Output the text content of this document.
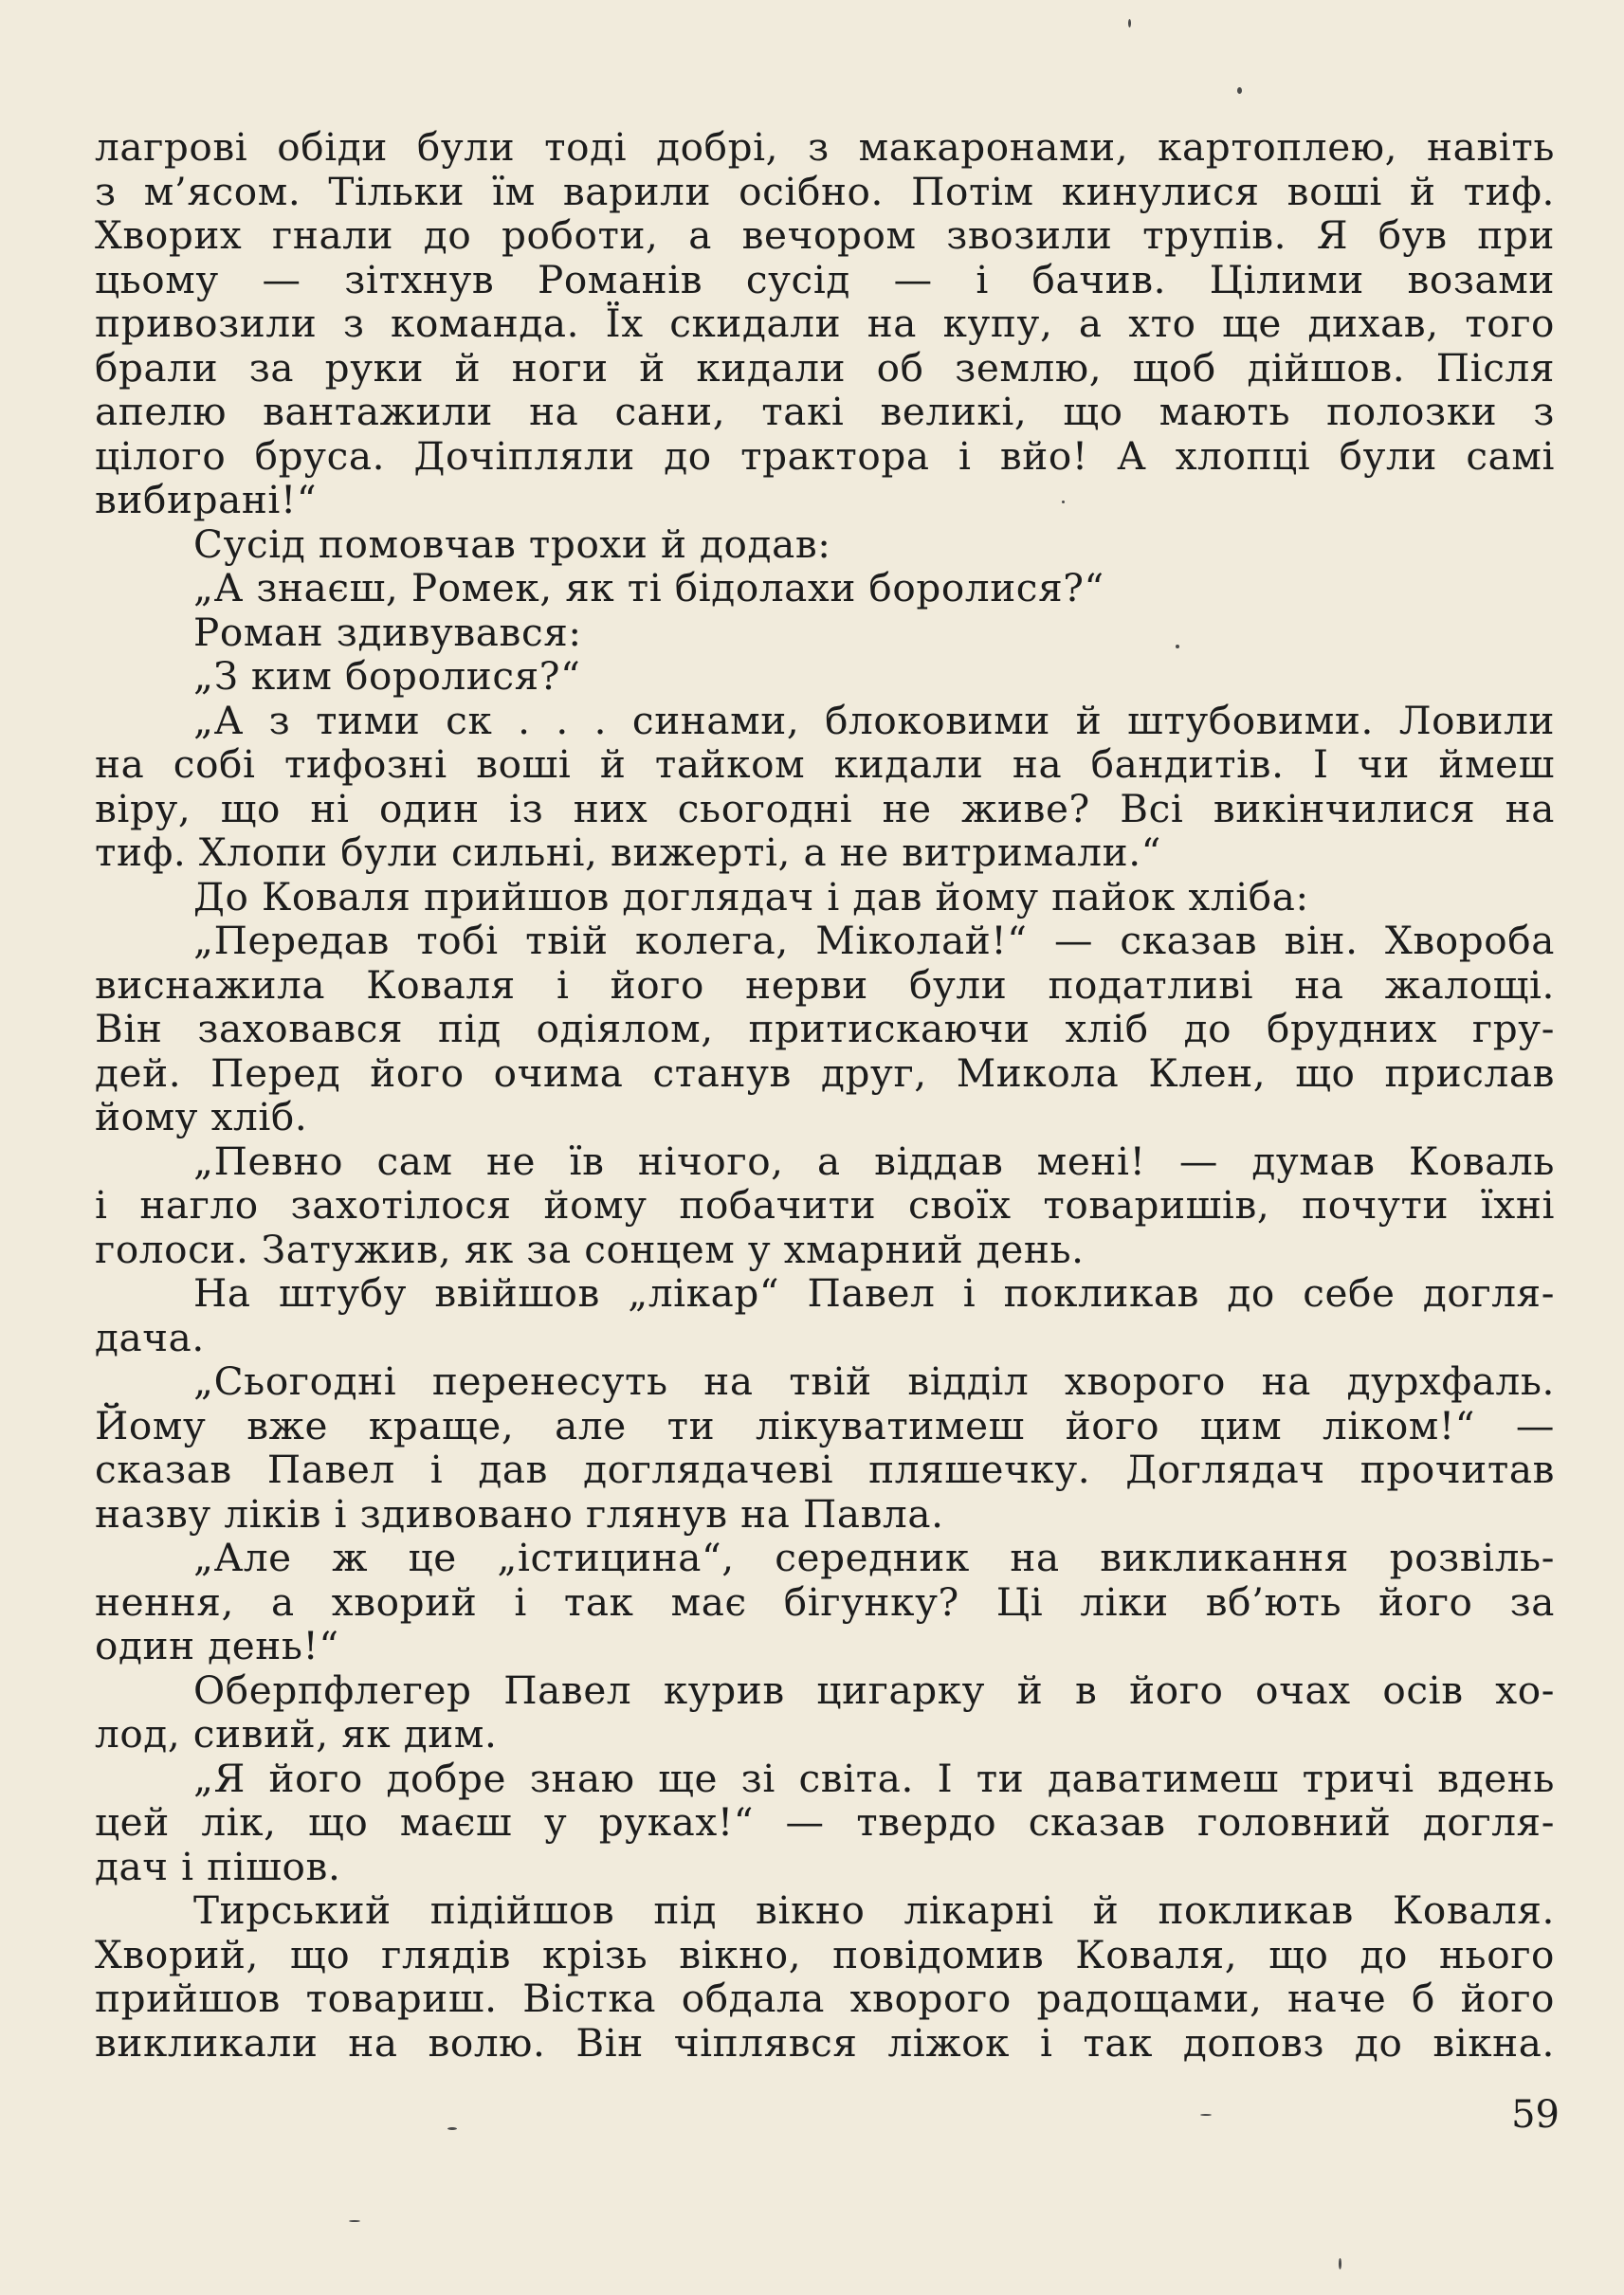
лагрові обіди були тоді добрі, з макаронами, картоплею, навіть
з м’ясом. Тільки їм варили осібно. Потім кинулися воші й тиф.
Хворих гнали до роботи, а вечором звозили трупів. Я був при
цьому — зітхнув Романів сусід — і бачив. Цілими возами
привозили з команда. Їх скидали на купу, а хто ще дихав, того
брали за руки й ноги й кидали об землю, щоб дійшов. Після
апелю вантажили на сани, такі великі, що мають полозки з
цілого бруса. Дочіпляли до трактора і вйо! А хлопці були самі
вибирані!“
Сусід помовчав трохи й додав:
„А знаєш, Ромек, як ті бідолахи боролися?“
Роман здивувався:
„З ким боролися?“
„А з тими ск . . . синами, блоковими й штубовими. Ловили
на собі тифозні воші й тайком кидали на бандитів. І чи ймеш
віру, що ні один із них сьогодні не живе? Всі викінчилися на
тиф. Хлопи були сильні, вижерті, а не витримали.“
До Коваля прийшов доглядач і дав йому пайок хліба:
„Передав тобі твій колега, Міколай!“ — сказав він. Хвороба
виснажила Коваля і його нерви були податливі на жалощі.
Він заховався під одіялом, притискаючи хліб до брудних гру-
дей. Перед його очима станув друг, Микола Клен, що прислав
йому хліб.
„Певно сам не їв нічого, а віддав мені! — думав Коваль
і нагло захотілося йому побачити своїх товаришів, почути їхні
голоси. Затужив, як за сонцем у хмарний день.
На штубу ввійшов „лікар“ Павел і покликав до себе догля-
дача.
„Сьогодні перенесуть на твій відділ хворого на дурхфаль.
Йому вже краще, але ти лікуватимеш його цим ліком!“ —
сказав Павел і дав доглядачеві пляшечку. Доглядач прочитав
назву ліків і здивовано глянув на Павла.
„Але ж це „істицина“, середник на викликання розвіль-
нення, а хворий і так має бігунку? Ці ліки вб’ють його за
один день!“
Оберпфлегер Павел курив цигарку й в його очах осів хо-
лод, сивий, як дим.
„Я його добре знаю ще зі світа. І ти даватимеш тричі вдень
цей лік, що маєш у руках!“ — твердо сказав головний догля-
дач і пішов.
Тирський підійшов під вікно лікарні й покликав Коваля.
Хворий, що глядів крізь вікно, повідомив Коваля, що до нього
прийшов товариш. Вістка обдала хворого радощами, наче б його
викликали на волю. Він чіплявся ліжок і так доповз до вікна.
59
